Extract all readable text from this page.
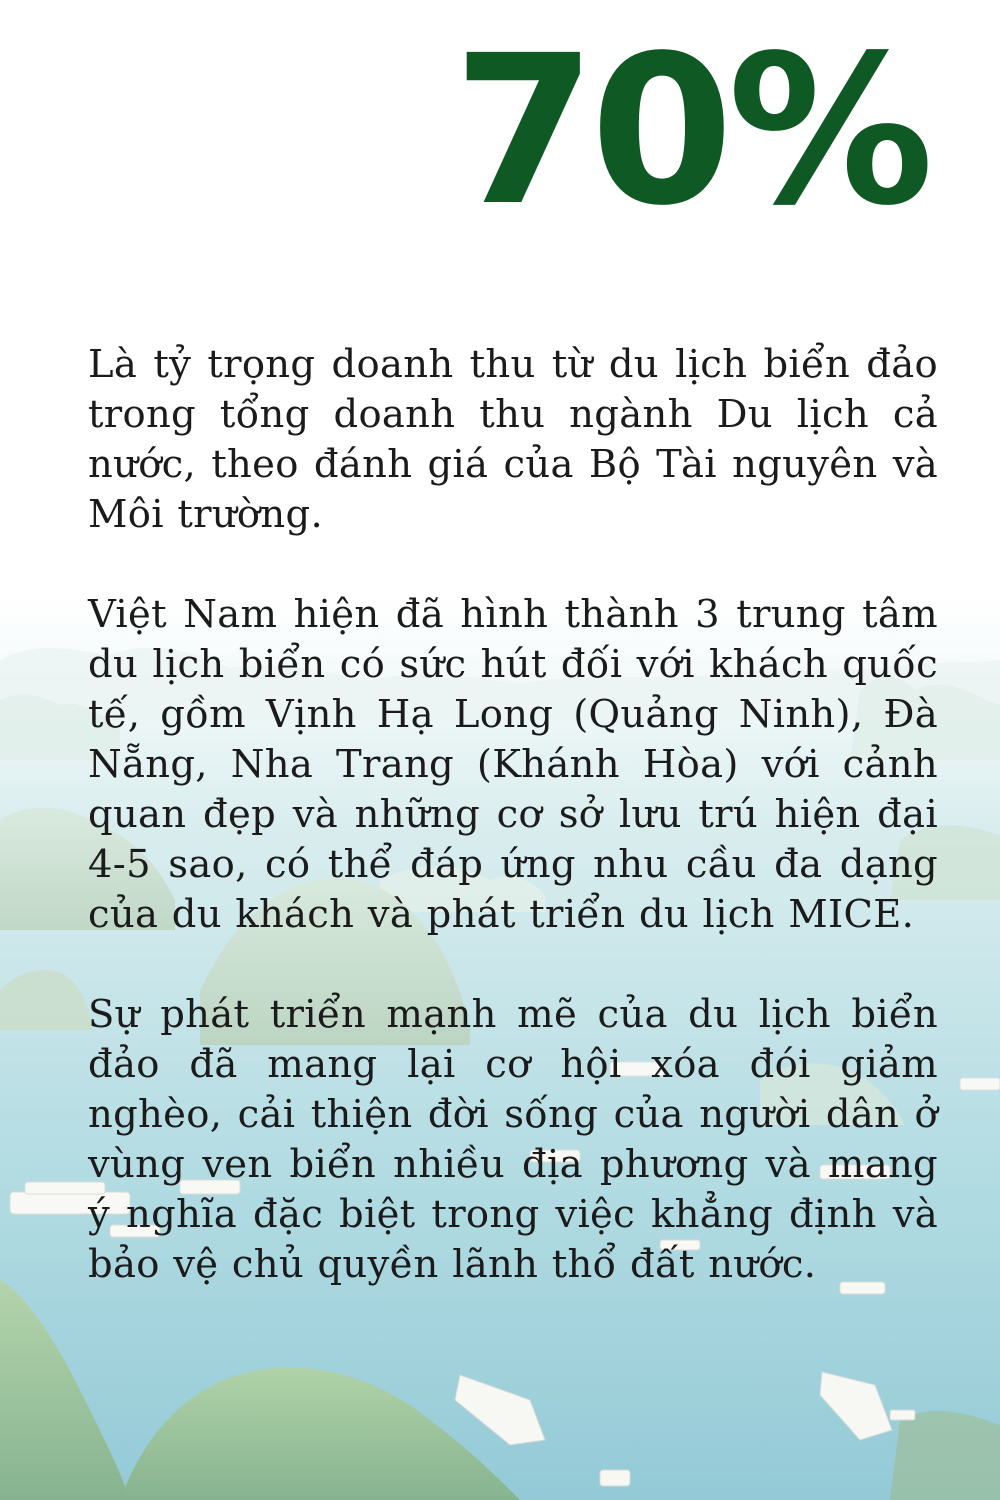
70%

Là tỷ trọng doanh thu từ du lịch biển đảo trong tổng doanh thu ngành Du lịch cả nước, theo đánh giá của Bộ Tài nguyên và Môi trường.

Việt Nam hiện đã hình thành 3 trung tâm du lịch biển có sức hút đối với khách quốc tế, gồm Vịnh Hạ Long (Quảng Ninh), Đà Nẵng, Nha Trang (Khánh Hòa) với cảnh quan đẹp và những cơ sở lưu trú hiện đại 4-5 sao, có thể đáp ứng nhu cầu đa dạng của du khách và phát triển du lịch MICE.

Sự phát triển mạnh mẽ của du lịch biển đảo đã mang lại cơ hội xóa đói giảm nghèo, cải thiện đời sống của người dân ở vùng ven biển nhiều địa phương và mang ý nghĩa đặc biệt trong việc khẳng định và bảo vệ chủ quyền lãnh thổ đất nước.
